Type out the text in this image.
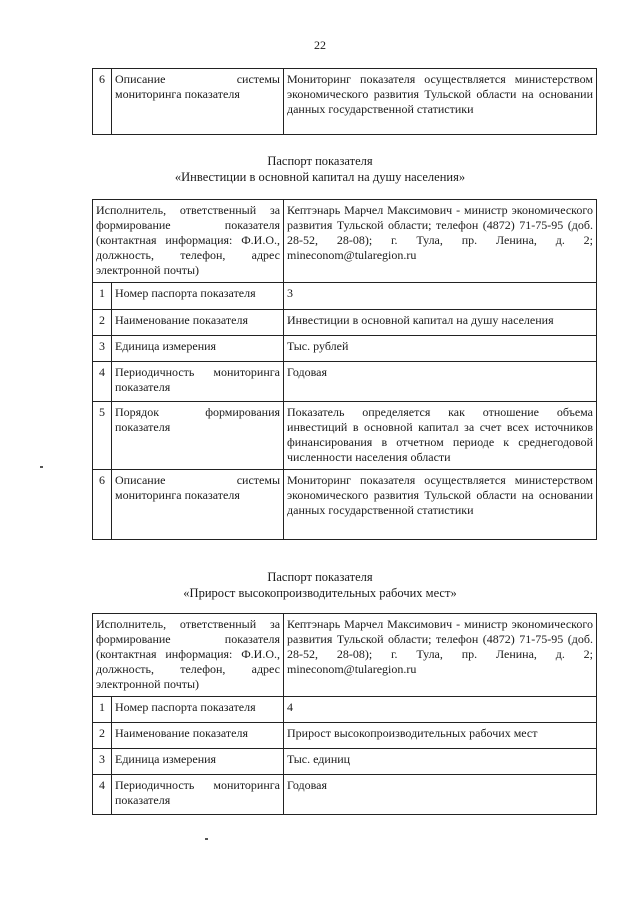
22
6	Описание системы мониторинга показателя	Мониторинг показателя осуществляется министерством экономического развития Тульской области на основании данных государственной статистики
Паспорт показателя
«Инвестиции в основной капитал на душу населения»
Исполнитель, ответственный за формирование показателя (контактная информация: Ф.И.О., должность, телефон, адрес электронной почты)		Кептэнарь Марчел Максимович - министр экономического развития Тульской области; телефон (4872) 71-75-95 (доб. 28-52, 28-08); г. Тула, пр. Ленина, д. 2; mineconom@tularegion.ru
1	Номер паспорта показателя	3
2	Наименование показателя	Инвестиции в основной капитал на душу населения
3	Единица измерения	Тыс. рублей
4	Периодичность мониторинга показателя	Годовая
5	Порядок формирования показателя	Показатель определяется как отношение объема инвестиций в основной капитал за счет всех источников финансирования в отчетном периоде к среднегодовой численности населения области
6	Описание системы мониторинга показателя	Мониторинг показателя осуществляется министерством экономического развития Тульской области на основании данных государственной статистики
Паспорт показателя
«Прирост высокопроизводительных рабочих мест»
Исполнитель, ответственный за формирование показателя (контактная информация: Ф.И.О., должность, телефон, адрес электронной почты)		Кептэнарь Марчел Максимович - министр экономического развития Тульской области; телефон (4872) 71-75-95 (доб. 28-52, 28-08); г. Тула, пр. Ленина, д. 2; mineconom@tularegion.ru
1	Номер паспорта показателя	4
2	Наименование показателя	Прирост высокопроизводительных рабочих мест
3	Единица измерения	Тыс. единиц
4	Периодичность мониторинга показателя	Годовая
